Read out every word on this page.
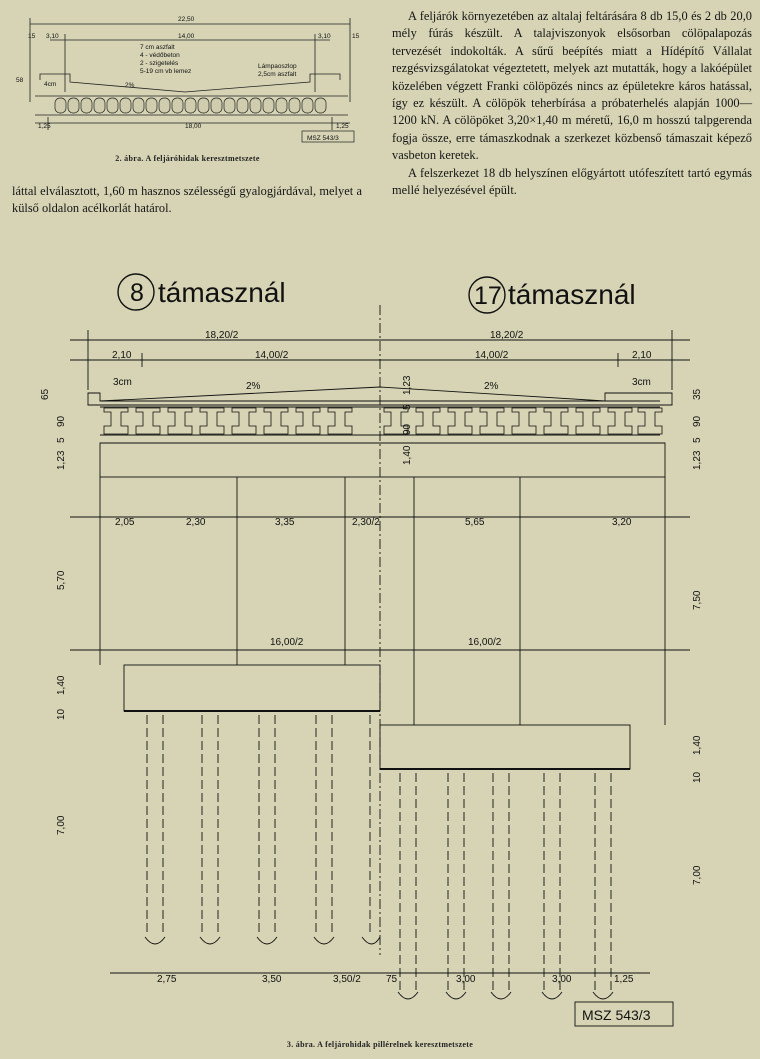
22,50
14,00
3,10	3,10
15	15
7 cm aszfalt
4 - védőbeton
2 - szigetelés
5-19 cm vb lemez
2%
4cm
58
Lámpaoszlop
2,5cm aszfalt
1,25	18,00	1,25
MSZ 543/3
2. ábra. A feljáróhidak keresztmetszete

láttal elválasztott, 1,60 m hasznos szélességű gyalogjárdával, melyet a külső oldalon acélkorlát határol.

A feljárók környezetében az altalaj feltárására 8 db 15,0 és 2 db 20,0 mély fúrás készült. A talajviszonyok elsősorban cölöpalapozás tervezését indokolták. A sűrű beépítés miatt a Hídépítő Vállalat rezgésvizsgálatokat végeztetett, melyek azt mutatták, hogy a lakóépület közelében végzett Franki cölöpözés nincs az épületekre káros hatással, így ez készült. A cölöpök teherbírása a próbaterhelés alapján 1000—1200 kN. A cölöpöket 3,20×1,40 m méretű, 16,0 m hosszú talpgerenda fogja össze, erre támaszkodnak a szerkezet közbenső támaszait képező vasbeton keretek.

A felszerkezet 18 db helyszínen előgyártott utófeszített tartó egymás mellé helyezésével épült.

8 támasznál	17 támasznál
18,20/2	18,20/2
2,10	14,00/2	14,00/2	2,10
3cm	3cm
2%	2%
65
90
5
1,23
5,70
1,40
10
7,00
1,23
5
90
1,40
35
90
5
1,23
7,50
1,40
10
7,00
2,05	2,30	3,35	2,30/2	5,65	3,20
16,00/2	16,00/2
2,75	3,50	3,50/2	75	3,00	3,00	1,25
MSZ 543/3
3. ábra. A feljárohidak pillérelnek keresztmetszete
